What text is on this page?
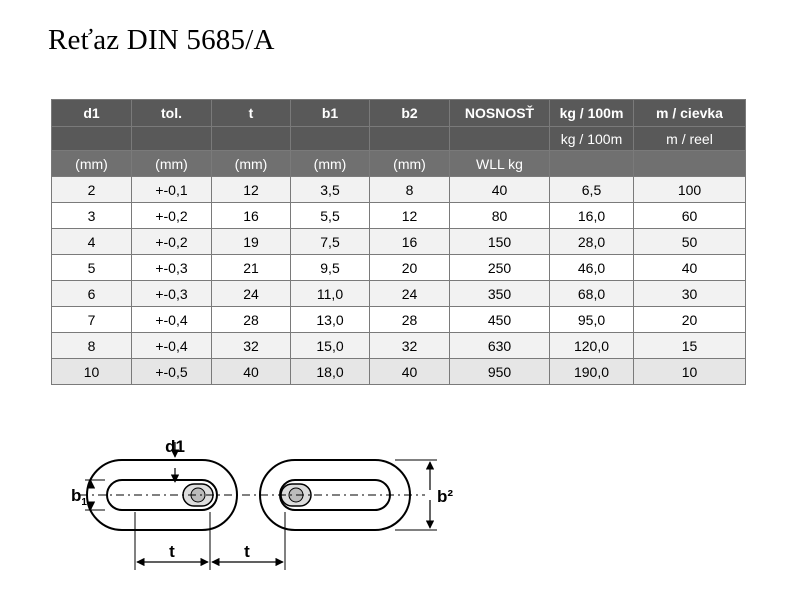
Reťaz DIN 5685/A
d1	tol.	t	b1	b2	NOSNOSŤ	kg / 100m	m / cievka
						kg / 100m	m / reel
(mm)	(mm)	(mm)	(mm)	(mm)	WLL kg		
2	+-0,1	12	3,5	8	40	6,5	100
3	+-0,2	16	5,5	12	80	16,0	60
4	+-0,2	19	7,5	16	150	28,0	50
5	+-0,3	21	9,5	20	250	46,0	40
6	+-0,3	24	11,0	24	350	68,0	30
7	+-0,4	28	13,0	28	450	95,0	20
8	+-0,4	32	15,0	32	630	120,0	15
10	+-0,5	40	18,0	40	950	190,0	10
d1
$b_1$	b²
t	t
